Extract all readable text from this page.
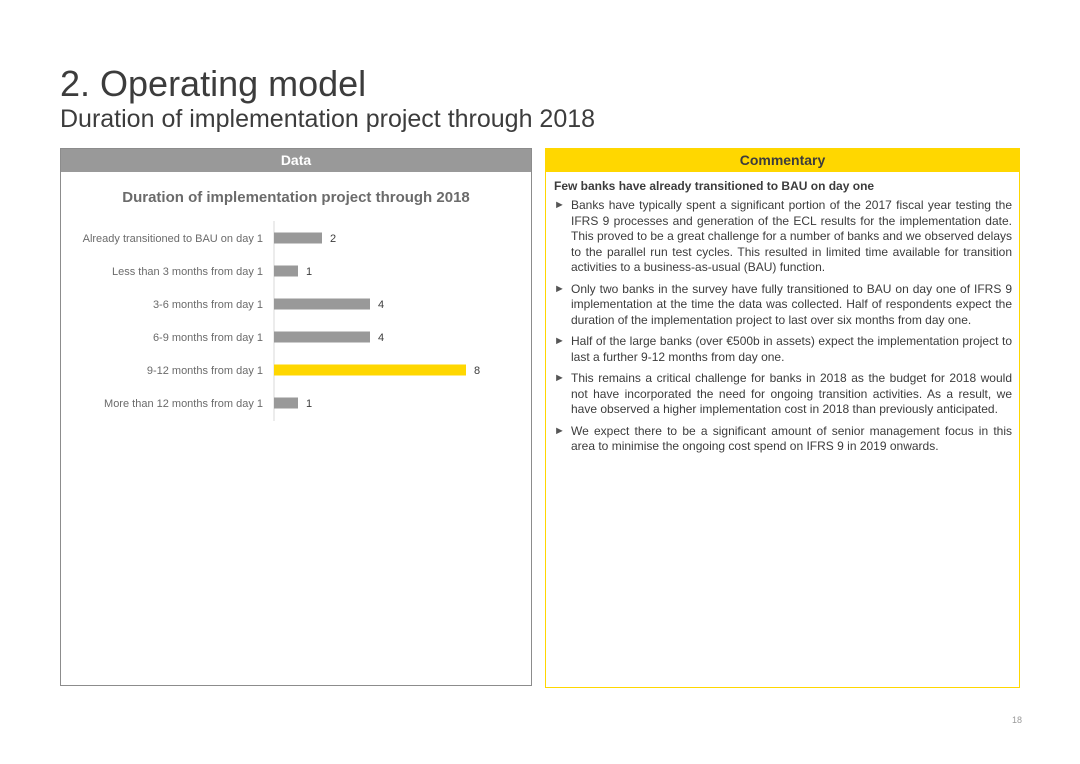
2. Operating model
Duration of implementation project through 2018
Data
Duration of implementation project through 2018
Already transitioned to BAU on day 1	2
Less than 3 months from day 1	1
3-6 months from day 1	4
6-9 months from day 1	4
9-12 months from day 1	8
More than 12 months from day 1	1
Commentary
Few banks have already transitioned to BAU on day one
► Banks have typically spent a significant portion of the 2017 fiscal year testing the IFRS 9 processes and generation of the ECL results for the implementation date. This proved to be a great challenge for a number of banks and we observed delays to the parallel run test cycles. This resulted in limited time available for transition activities to a business-as-usual (BAU) function.
► Only two banks in the survey have fully transitioned to BAU on day one of IFRS 9 implementation at the time the data was collected. Half of respondents expect the duration of the implementation project to last over six months from day one.
► Half of the large banks (over €500b in assets) expect the implementation project to last a further 9-12 months from day one.
► This remains a critical challenge for banks in 2018 as the budget for 2018 would not have incorporated the need for ongoing transition activities. As a result, we have observed a higher implementation cost in 2018 than previously anticipated.
► We expect there to be a significant amount of senior management focus in this area to minimise the ongoing cost spend on IFRS 9 in 2019 onwards.
18
